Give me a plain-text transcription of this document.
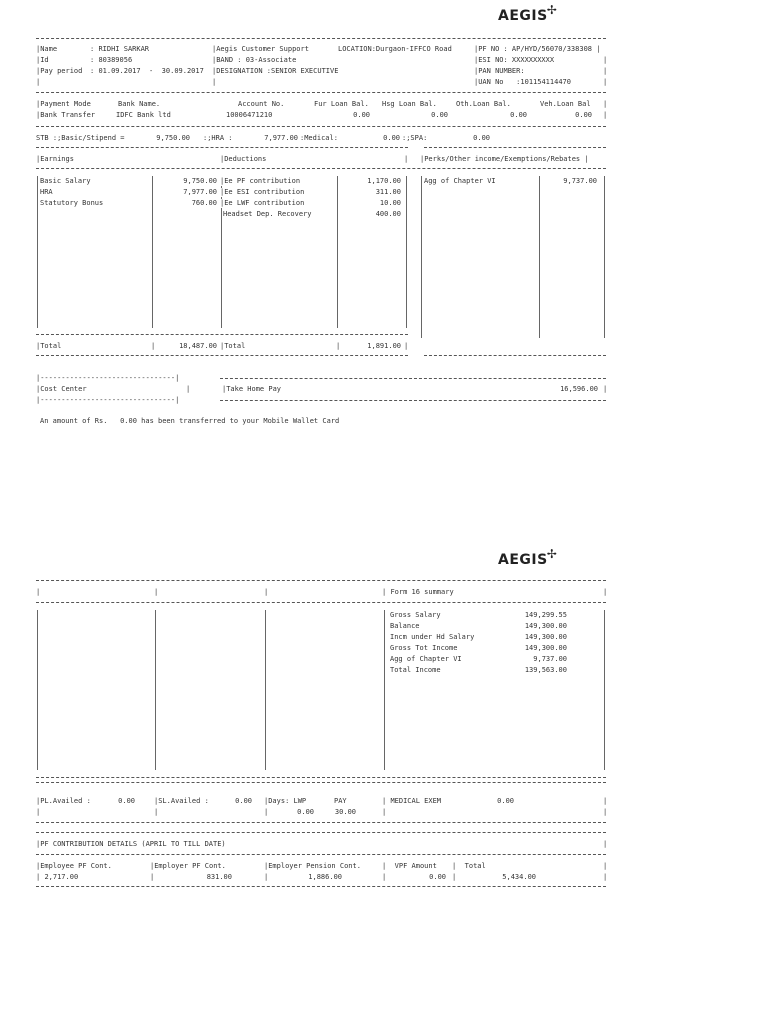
AEGIS✢
|Name	: RIDHI SARKAR	|Aegis Customer Support	LOCATION:Durgaon-IFFCO Road	|PF NO : AP/HYD/56070/338308 |
|Id	: 80389056	|BAND : 03-Associate	|ESI NO: XXXXXXXXXX	|
|Pay period : 01.09.2017  -  30.09.2017 |DESIGNATION :SENIOR EXECUTIVE	|PAN NUMBER:	|
|	|	|UAN No :101154114470	|
|Payment Mode	Bank Name.	Account No.	Fur Loan Bal. Hsg Loan Bal.	Oth.Loan Bal.	Veh.Loan Bal |
|Bank Transfer	IDFC Bank ltd	10006471210	0.00	0.00	0.00	0.00 |
STB :;Basic/Stipend =	9,750.00 :;HRA :	7,977.00 :Medical:	0.00 :;SPA:	0.00
|Earnings	|Deductions	| |Perks/Other income/Exemptions/Rebates |
Basic Salary	9,750.00
HRA	7,977.00
Statutory Bonus	760.00
|Ee PF contribution	1,170.00
|Ee ESI contribution	311.00
|Ee LWF contribution	10.00
Headset Dep. Recovery	400.00
Agg of Chapter VI	9,737.00
|Total	|	18,487.00 |Total	|	1,891.00 |
|--------------------------------|
|Cost Center	|	|Take Home Pay	16,596.00 |
|--------------------------------|
An amount of Rs.   0.00 has been transferred to your Mobile Wallet Card
AEGIS✢
|	|	|	| Form 16 summary	|
Gross Salary	149,299.55
Balance	149,300.00
Incm under Hd Salary	149,300.00
Gross Tot Income	149,300.00
Agg of Chapter VI	9,737.00
Total Income	139,563.00
|PL.Availed :	0.00	|SL.Availed :	0.00 |Days: LWP	PAY	| MEDICAL EXEM	0.00	|
|	|	|	0.00	30.00	|	|
|PF CONTRIBUTION DETAILS (APRIL TO TILL DATE)	|
|Employee PF Cont.	|Employer PF Cont.	|Employer Pension Cont.	|  VPF Amount |  Total	|
| 2,717.00	|	831.00	|	1,886.00	|	0.00 |	5,434.00	|
